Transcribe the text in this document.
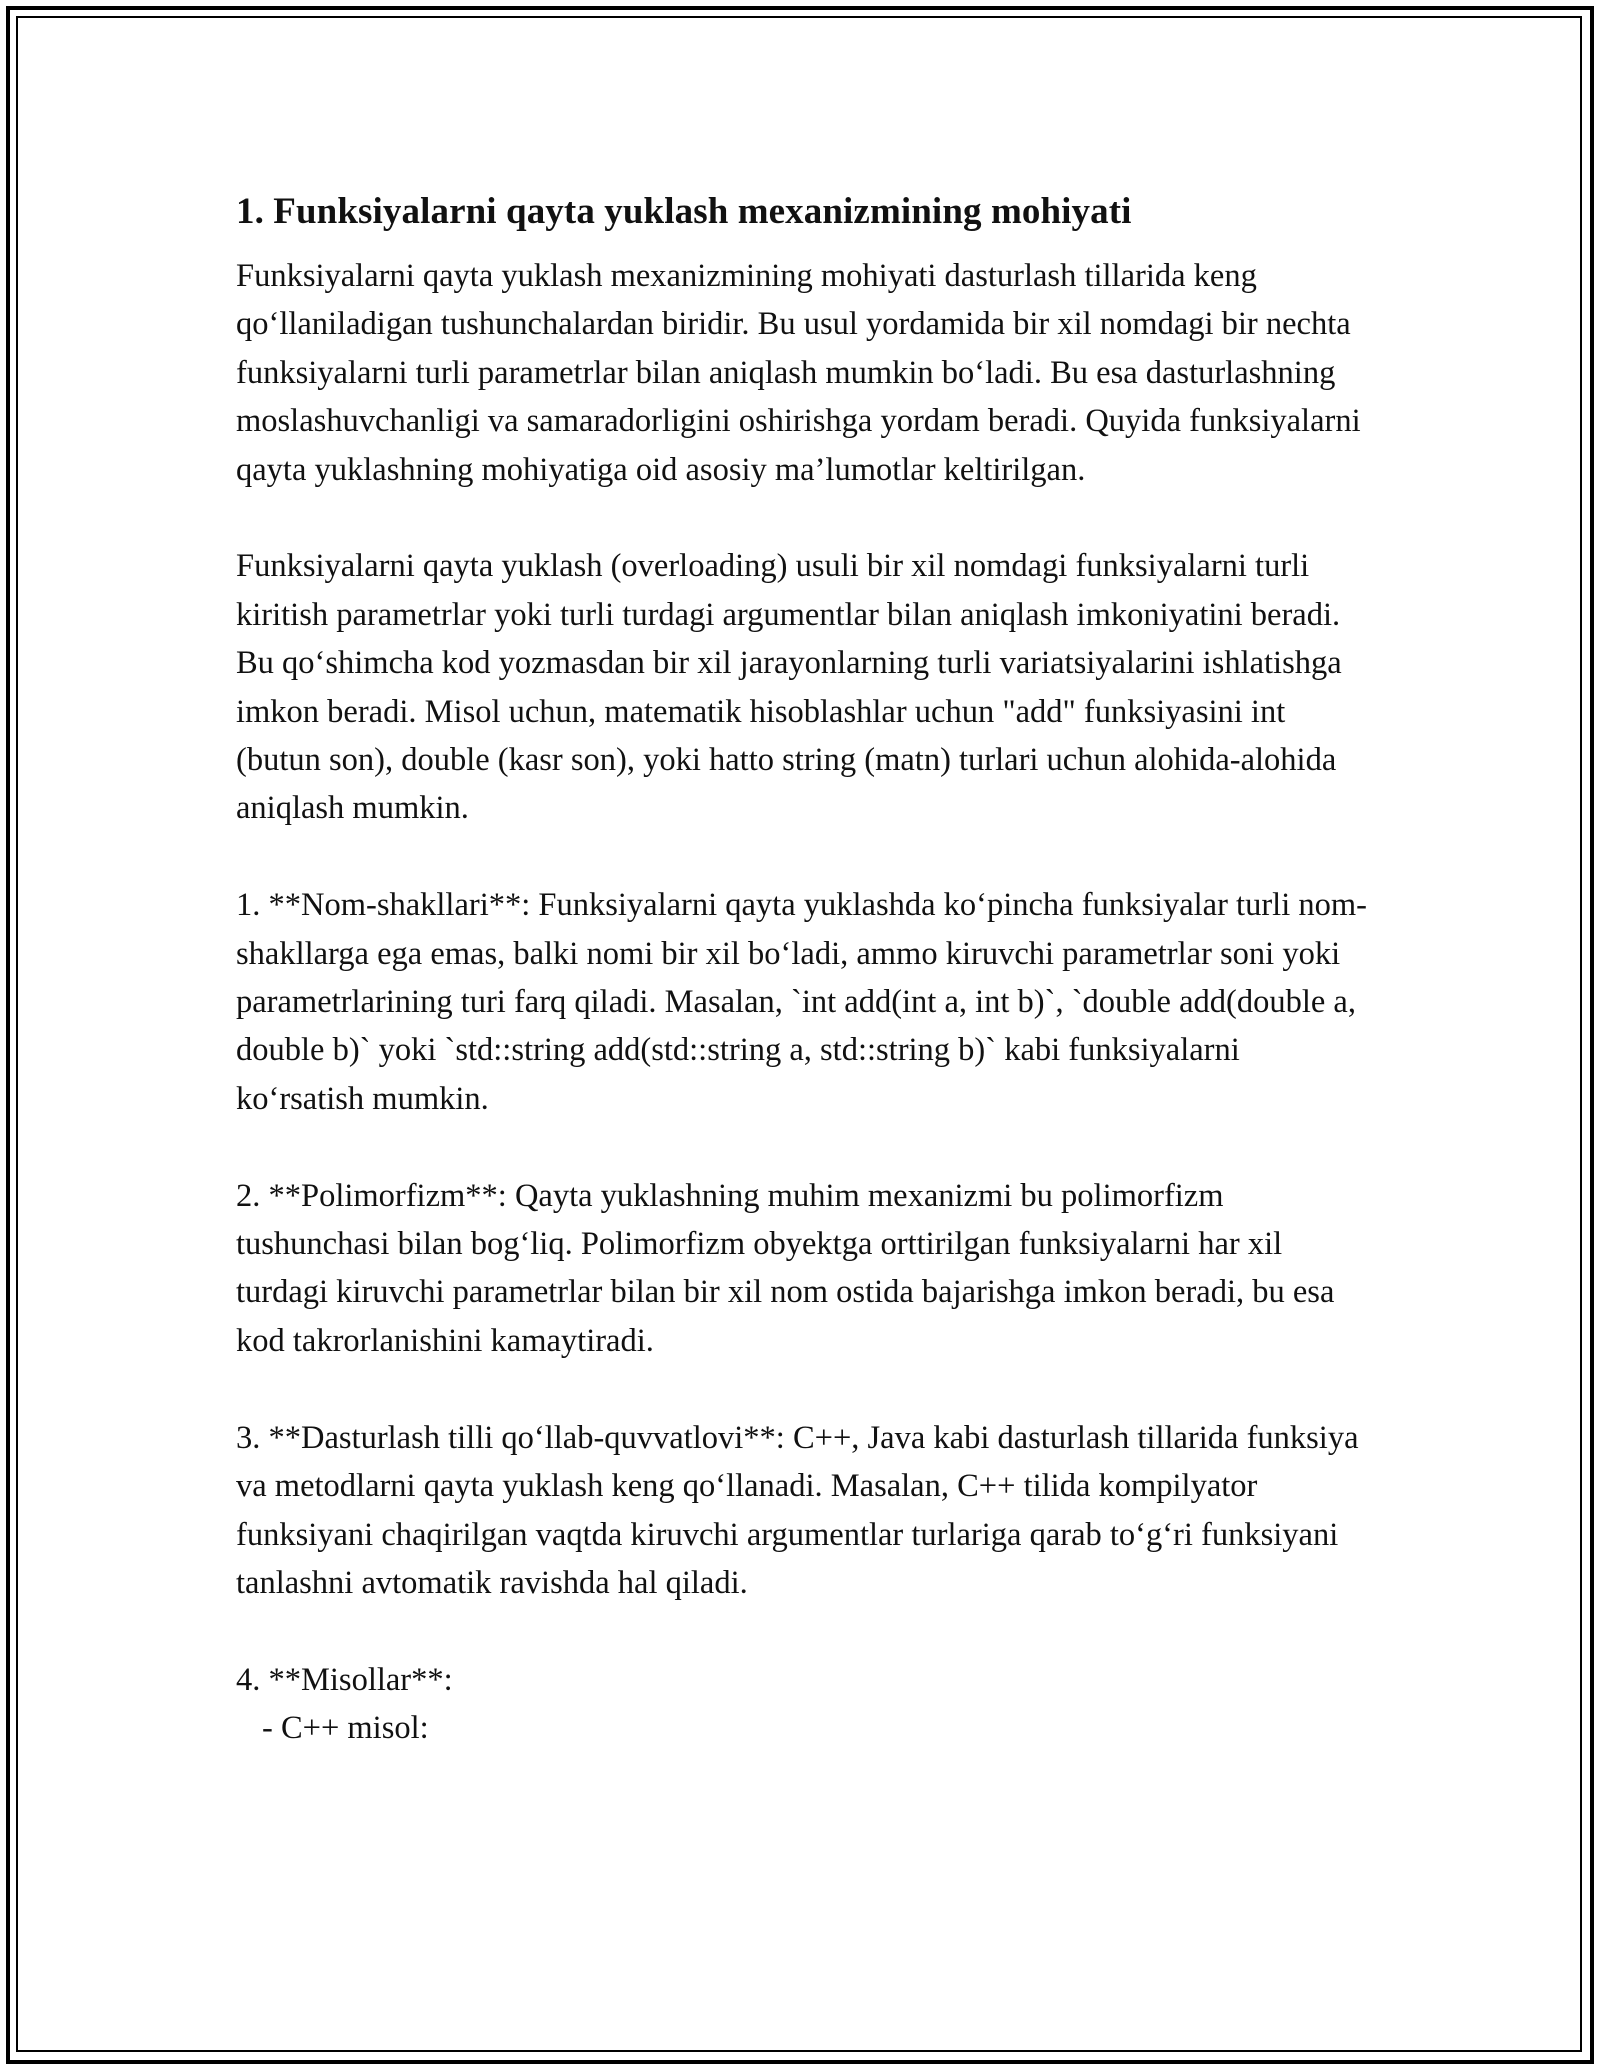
1. Funksiyalarni qayta yuklash mexanizmining mohiyati
Funksiyalarni qayta yuklash mexanizmining mohiyati dasturlash tillarida keng qo‘llaniladigan tushunchalardan biridir. Bu usul yordamida bir xil nomdagi bir nechta funksiyalarni turli parametrlar bilan aniqlash mumkin bo‘ladi. Bu esa dasturlashning moslashuvchanligi va samaradorligini oshirishga yordam beradi. Quyida funksiyalarni qayta yuklashning mohiyatiga oid asosiy ma’lumotlar keltirilgan.
Funksiyalarni qayta yuklash (overloading) usuli bir xil nomdagi funksiyalarni turli kiritish parametrlar yoki turli turdagi argumentlar bilan aniqlash imkoniyatini beradi. Bu qo‘shimcha kod yozmasdan bir xil jarayonlarning turli variatsiyalarini ishlatishga imkon beradi. Misol uchun, matematik hisoblashlar uchun "add" funksiyasini int (butun son), double (kasr son), yoki hatto string (matn) turlari uchun alohida-alohida aniqlash mumkin.
1. **Nom-shakllari**: Funksiyalarni qayta yuklashda ko‘pincha funksiyalar turli nom-shakllarga ega emas, balki nomi bir xil bo‘ladi, ammo kiruvchi parametrlar soni yoki parametrlarining turi farq qiladi. Masalan, `int add(int a, int b)`, `double add(double a, double b)` yoki `std::string add(std::string a, std::string b)` kabi funksiyalarni ko‘rsatish mumkin.
2. **Polimorfizm**: Qayta yuklashning muhim mexanizmi bu polimorfizm tushunchasi bilan bog‘liq. Polimorfizm obyektga orttirilgan funksiyalarni har xil turdagi kiruvchi parametrlar bilan bir xil nom ostida bajarishga imkon beradi, bu esa kod takrorlanishini kamaytiradi.
3. **Dasturlash tilli qo‘llab-quvvatlovi**: C++, Java kabi dasturlash tillarida funksiya va metodlarni qayta yuklash keng qo‘llanadi. Masalan, C++ tilida kompilyator funksiyani chaqirilgan vaqtda kiruvchi argumentlar turlariga qarab to‘g‘ri funksiyani tanlashni avtomatik ravishda hal qiladi.
4. **Misollar**:
- C++ misol:
